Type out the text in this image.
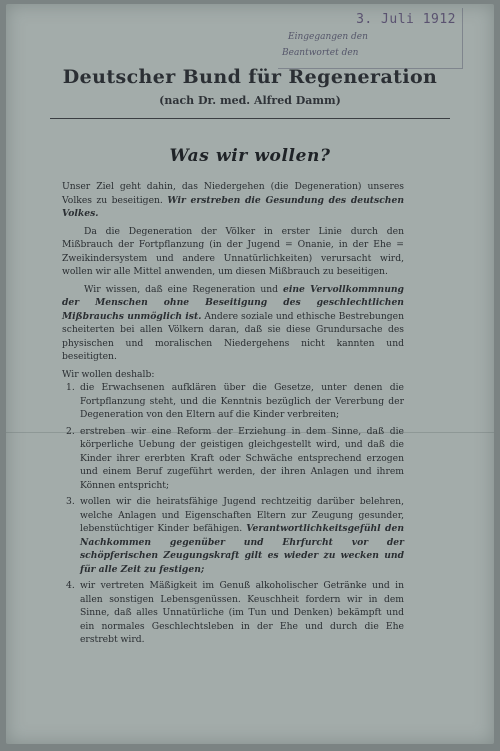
3. Juli 1912
Eingegangen den
Beantwortet den
Deutscher Bund für Regeneration
(nach Dr. med. Alfred Damm)
Was wir wollen?

Unser Ziel geht dahin, das Niedergehen (die Degeneration) unseres Volkes zu beseitigen. Wir erstreben die Gesundung des deutschen Volkes.

Da die Degeneration der Völker in erster Linie durch den Mißbrauch der Fortpflanzung (in der Jugend = Onanie, in der Ehe = Zweikindersystem und andere Unnatürlichkeiten) verursacht wird, wollen wir alle Mittel anwenden, um diesen Mißbrauch zu beseitigen.

Wir wissen, daß eine Regeneration und eine Vervollkommnung der Menschen ohne Beseitigung des geschlechtlichen Mißbrauchs unmöglich ist. Andere soziale und ethische Bestrebungen scheiterten bei allen Völkern daran, daß sie diese Grundursache des physischen und moralischen Niedergehens nicht kannten und beseitigten.

Wir wollen deshalb:

1. die Erwachsenen aufklären über die Gesetze, unter denen die Fortpflanzung steht, und die Kenntnis bezüglich der Vererbung der Degeneration von den Eltern auf die Kinder verbreiten;
2. erstreben wir eine Reform der Erziehung in dem Sinne, daß die körperliche Uebung der geistigen gleichgestellt wird, und daß die Kinder ihrer ererbten Kraft oder Schwäche entsprechend erzogen und einem Beruf zugeführt werden, der ihren Anlagen und ihrem Können entspricht;
3. wollen wir die heiratsfähige Jugend rechtzeitig darüber belehren, welche Anlagen und Eigenschaften Eltern zur Zeugung gesunder, lebenstüchtiger Kinder befähigen. Verantwortlichkeitsgefühl den Nachkommen gegenüber und Ehrfurcht vor der schöpferischen Zeugungskraft gilt es wieder zu wecken und für alle Zeit zu festigen;
4. wir vertreten Mäßigkeit im Genuß alkoholischer Getränke und in allen sonstigen Lebensgenüssen. Keuschheit fordern wir in dem Sinne, daß alles Unnatürliche (im Tun und Denken) bekämpft und ein normales Geschlechtsleben in der Ehe und durch die Ehe erstrebt wird.
